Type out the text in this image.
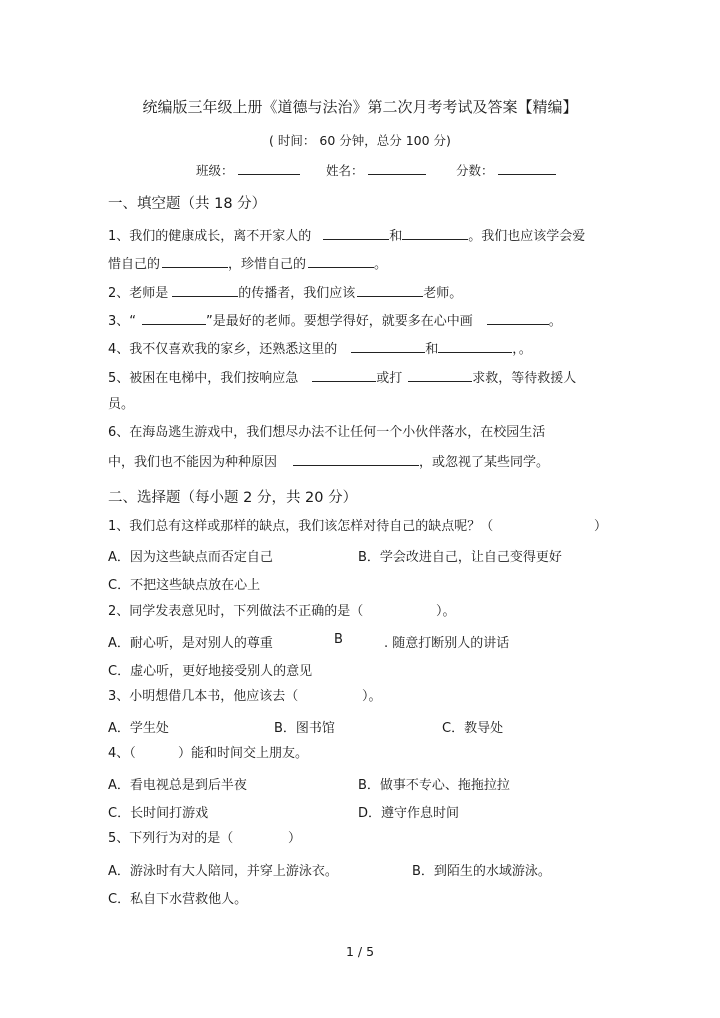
统编版三年级上册《道德与法治》第二次月考考试及答案【精编】
( 时间： 60 分钟，总分 100 分)
班级：	姓名：	分数：
一、填空题（共 18 分）
1、我们的健康成长，离不开家人的	和	。我们也应该学会爱
惜自己的	，珍惜自己的	。
2、老师是	的传播者，我们应该	老师。
3、“	”是最好的老师。要想学得好，就要多在心中画	。
4、我不仅喜欢我的家乡，还熟悉这里的	和	，。
5、被困在电梯中，我们按响应急	或打	求救，等待救援人
员。
6、在海岛逃生游戏中，我们想尽办法不让任何一个小伙伴落水，在校园生活
中，我们也不能因为种种原因	，或忽视了某些同学。
二、选择题（每小题 2 分，共 20 分）
1、我们总有这样或那样的缺点，我们该怎样对待自己的缺点呢？（	）
A．因为这些缺点而否定自己	B．学会改进自己，让自己变得更好
C．不把这些缺点放在心上
2、同学发表意见时，下列做法不正确的是（	）。
A．耐心听，是对别人的尊重	B	. 随意打断别人的讲话
C．虚心听，更好地接受别人的意见
3、小明想借几本书，他应该去（	）。
A．学生处	B．图书馆	C．教导处
4、（	）能和时间交上朋友。
A．看电视总是到后半夜	B．做事不专心、拖拖拉拉
C．长时间打游戏	D．遵守作息时间
5、下列行为对的是（	）
A．游泳时有大人陪同，并穿上游泳衣。	B．到陌生的水域游泳。
C．私自下水营救他人。
1 / 5
